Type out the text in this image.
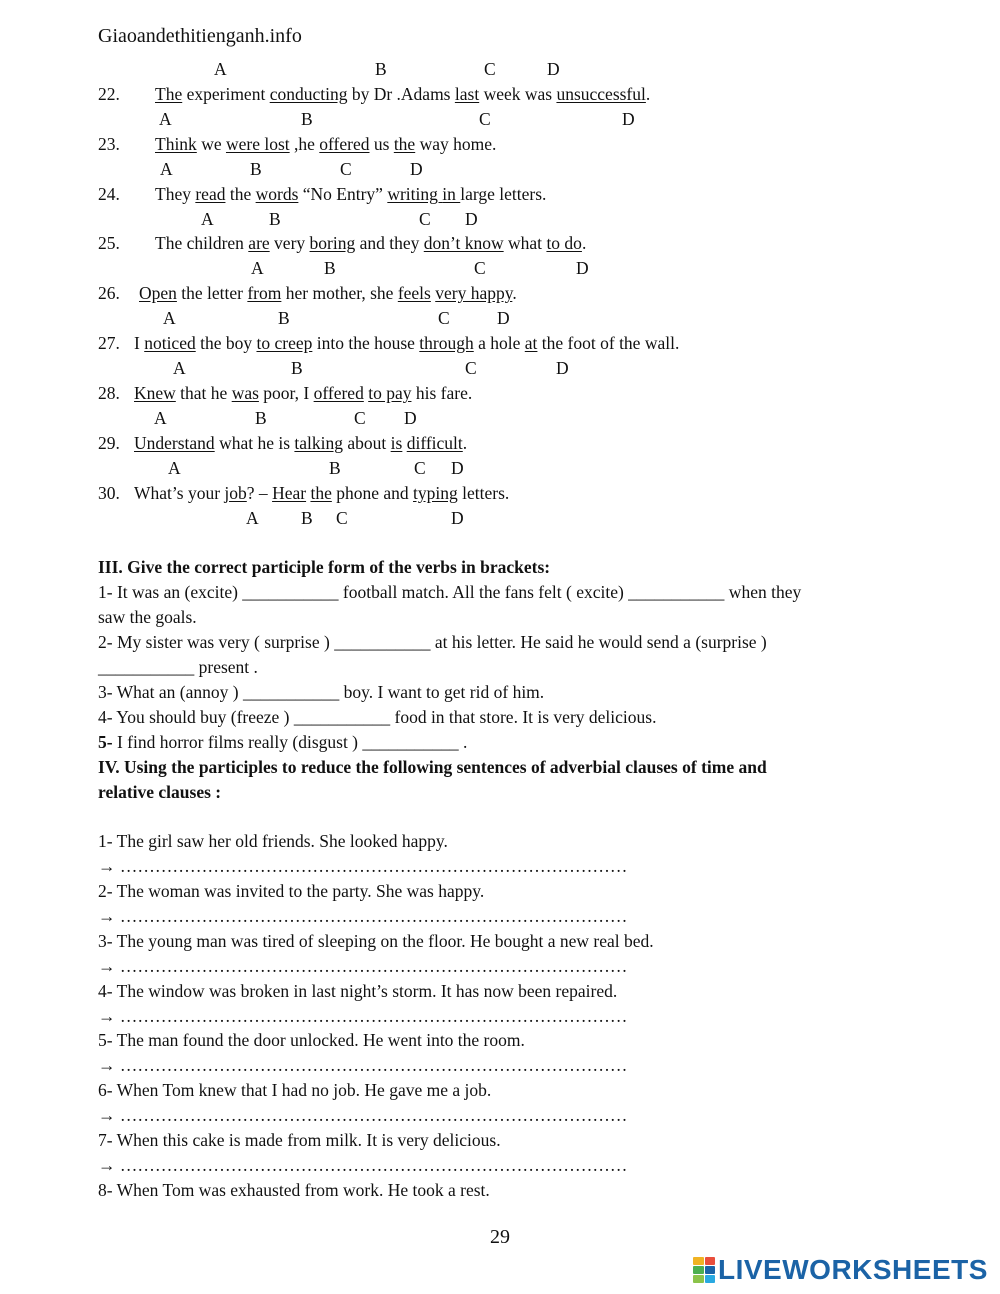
Giaoandethitienganh.info
A	B	C	D
22. The experiment conducting by Dr .Adams last week was unsuccessful.
A	B	C	D
23. Think we were lost ,he offered us the way home.
A	B	C	D
24. They read the words “No Entry” writing in large letters.
A	B	C D
25. The children are very boring and they don’t know what to do.
A	B	C	D
26. Open the letter from her mother, she feels very happy.
A	B	C	D
27. I noticed the boy to creep into the house through a hole at the foot of the wall.
A	B	C	D
28. Knew that he was poor, I offered to pay his fare.
A	B	C D
29. Understand what he is talking about is difficult.
A	B	C D
30. What’s your job? – Hear the phone and typing letters.
A B C	D
III. Give the correct participle form of the verbs in brackets:
1- It was an (excite) ___________ football match. All the fans felt ( excite) ___________ when they
saw the goals.
2- My sister was very ( surprise ) ___________ at his letter. He said he would send a (surprise )
___________ present .
3- What an (annoy ) ___________ boy. I want to get rid of him.
4- You should buy (freeze ) ___________ food in that store. It is very delicious.
5- I find horror films really (disgust ) ___________ .
IV. Using the participles to reduce the following sentences of adverbial clauses of time and
relative clauses :
1- The girl saw her old friends. She looked happy.
→ ……………………………………………………………………………
2- The woman was invited to the party. She was happy.
→ ……………………………………………………………………………
3- The young man was tired of sleeping on the floor. He bought a new real bed.
→ ……………………………………………………………………………
4- The window was broken in last night’s storm. It has now been repaired.
→ ……………………………………………………………………………
5- The man found the door unlocked. He went into the room.
→ ……………………………………………………………………………
6- When Tom knew that I had no job. He gave me a job.
→ ……………………………………………………………………………
7- When this cake is made from milk. It is very delicious.
→ ……………………………………………………………………………
8- When Tom was exhausted from work. He took a rest.
29
LIVEWORKSHEETS
